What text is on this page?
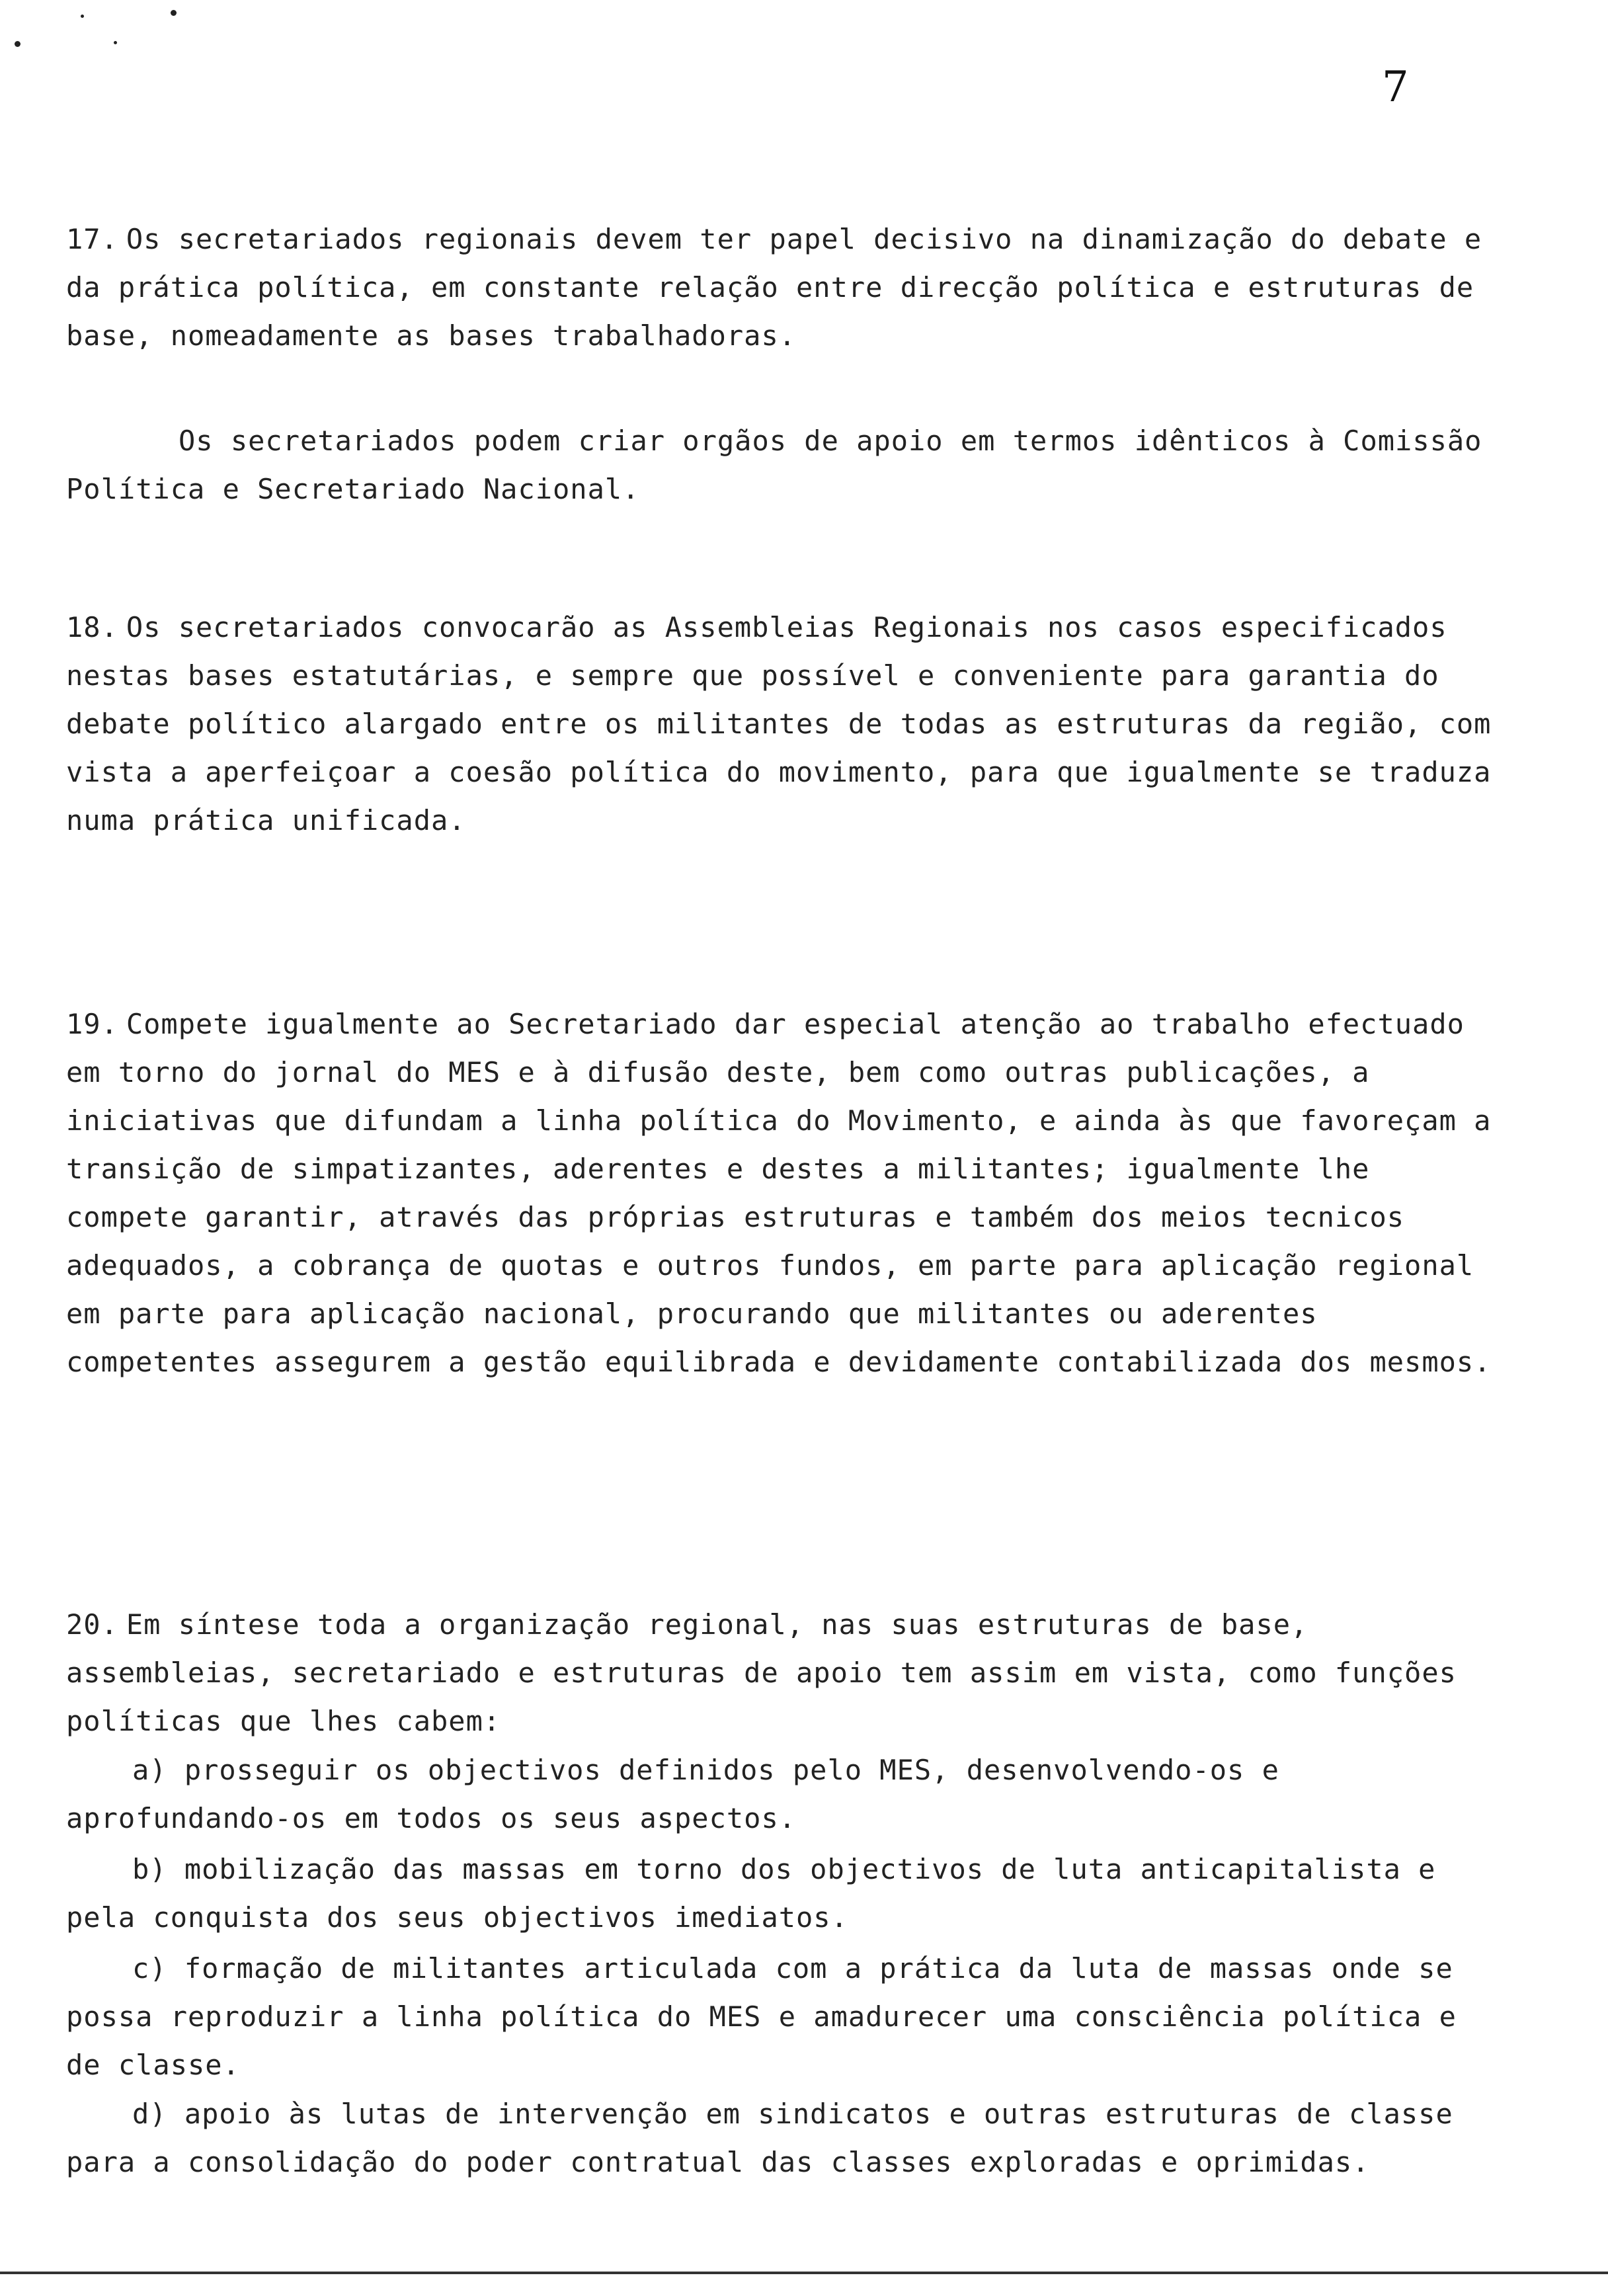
7

17. Os secretariados regionais devem ter papel decisivo na dinamização do debate e da prática política, em constante relação entre direcção política e estruturas de base, nomeadamente as bases trabalhadoras.

Os secretariados podem criar orgãos de apoio em termos idênticos à Comissão Política e Secretariado Nacional.

18. Os secretariados convocarão as Assembleias Regionais nos casos especificados nestas bases estatutárias, e sempre que possível e conveniente para garantia do debate político alargado entre os militantes de todas as estruturas da região, com vista a aperfeiçoar a coesão política do movimento, para que igualmente se traduza numa prática unificada.

19. Compete igualmente ao Secretariado dar especial atenção ao trabalho efectuado em torno do jornal do MES e à difusão deste, bem como outras publicações, a iniciativas que difundam a linha política do Movimento, e ainda às que favoreçam a transição de simpatizantes, aderentes e destes a militantes; igualmente lhe compete garantir, através das próprias estruturas e também dos meios tecnicos adequados, a cobrança de quotas e outros fundos, em parte para aplicação regional em parte para aplicação nacional, procurando que militantes ou aderentes competentes assegurem a gestão equilibrada e devidamente contabilizada dos mesmos.

20. Em síntese toda a organização regional, nas suas estruturas de base, assembleias, secretariado e estruturas de apoio tem assim em vista, como funções políticas que lhes cabem:

a) prosseguir os objectivos definidos pelo MES, desenvolvendo-os e aprofundando-os em todos os seus aspectos.

b) mobilização das massas em torno dos objectivos de luta anticapitalista e pela conquista dos seus objectivos imediatos.

c) formação de militantes articulada com a prática da luta de massas onde se possa reproduzir a linha política do MES e amadurecer uma consciência política e de classe.

d) apoio às lutas de intervenção em sindicatos e outras estruturas de classe para a consolidação do poder contratual das classes exploradas e oprimidas.
